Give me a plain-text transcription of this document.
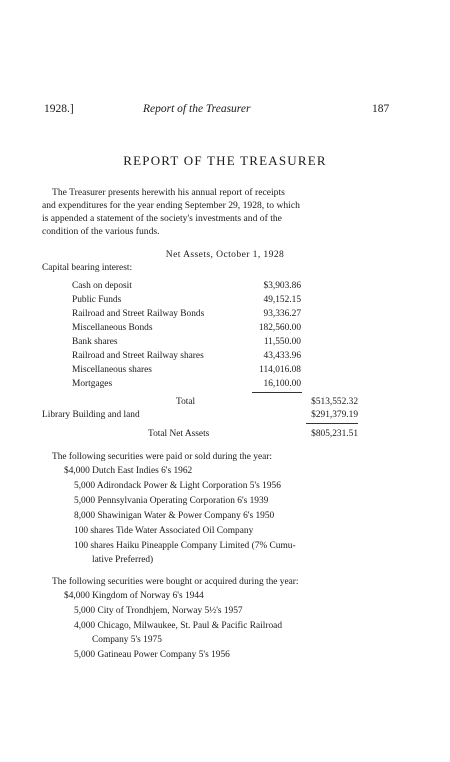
1928.]	Report of the Treasurer	187
REPORT OF THE TREASURER
The Treasurer presents herewith his annual report of receipts
and expenditures for the year ending September 29, 1928, to which
is appended a statement of the society's investments and of the
condition of the various funds.
Net Assets, October 1, 1928
Capital bearing interest:
Cash on deposit	$3,903.86
Public Funds	49,152.15
Railroad and Street Railway Bonds	93,336.27
Miscellaneous Bonds	182,560.00
Bank shares	11,550.00
Railroad and Street Railway shares	43,433.96
Miscellaneous shares	114,016.08
Mortgages	16,100.00
Total	$513,552.32
Library Building and land	$291,379.19
Total Net Assets	$805,231.51
The following securities were paid or sold during the year:
$4,000 Dutch East Indies 6's 1962
5,000 Adirondack Power & Light Corporation 5's 1956
5,000 Pennsylvania Operating Corporation 6's 1939
8,000 Shawinigan Water & Power Company 6's 1950
100 shares Tide Water Associated Oil Company
100 shares Haiku Pineapple Company Limited (7% Cumu-
lative Preferred)
The following securities were bought or acquired during the year:
$4,000 Kingdom of Norway 6's 1944
5,000 City of Trondhjem, Norway 5½'s 1957
4,000 Chicago, Milwaukee, St. Paul & Pacific Railroad
Company 5's 1975
5,000 Gatineau Power Company 5's 1956
